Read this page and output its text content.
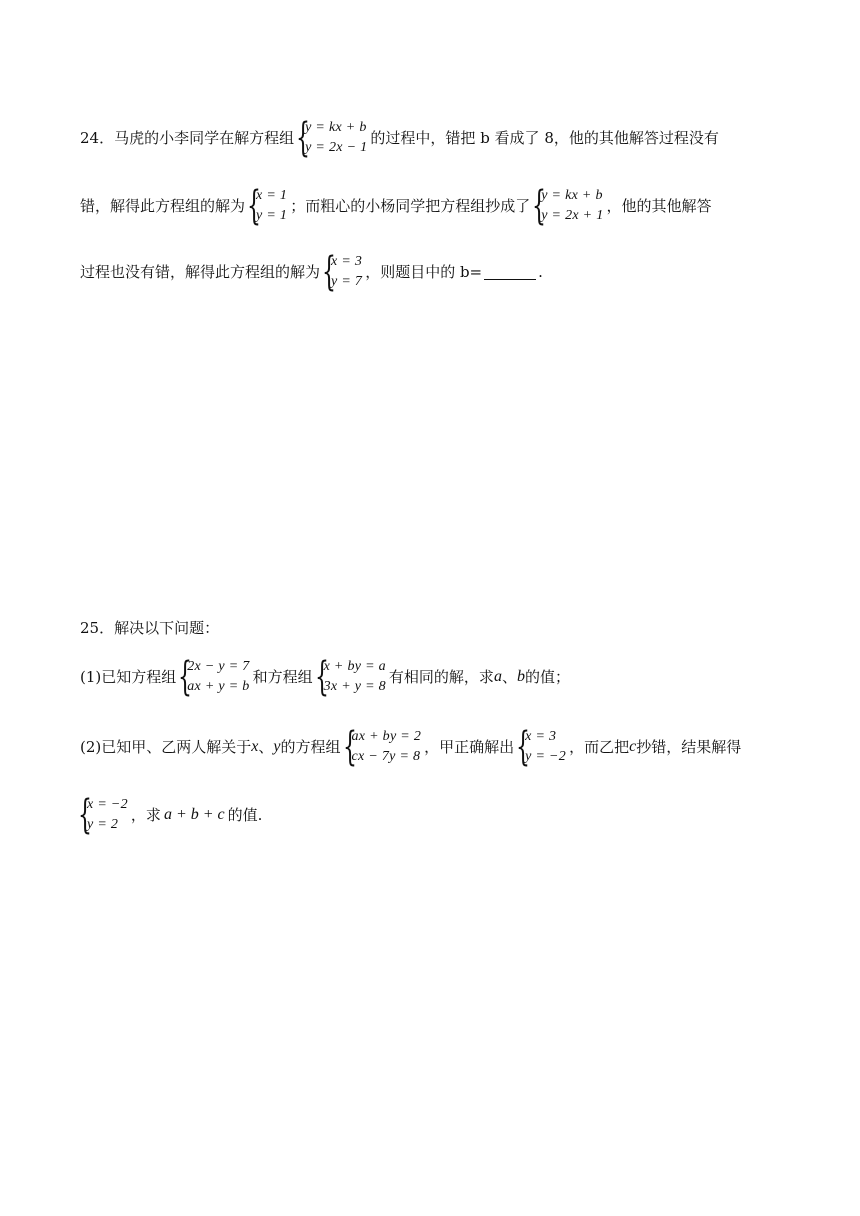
24．马虎的小李同学在解方程组 {
y = kx + b
y = 2x − 1
的过程中，错把 b 看成了 8，他的其他解答过程没有
错，解得此方程组的解为 {
x = 1
y = 1
；而粗心的小杨同学把方程组抄成了 {
y = kx + b
y = 2x + 1
，他的其他解答
过程也没有错，解得此方程组的解为 {
x = 3
y = 7
，则题目中的 b=	.
25．解决以下问题：
(1)已知方程组 {
2x − y = 7
ax + y = b
和方程组 {
x + by = a
3x + y = 8
有相同的解，求 a 、 b 的值；
(2)已知甲、乙两人解关于 x 、 y 的方程组 {
ax + by = 2
cx − 7y = 8
，甲正确解出 {
x = 3
y = −2
，而乙把 c 抄错，结果解得
{
x = −2
y = 2
，求 a + b + c 的值.
